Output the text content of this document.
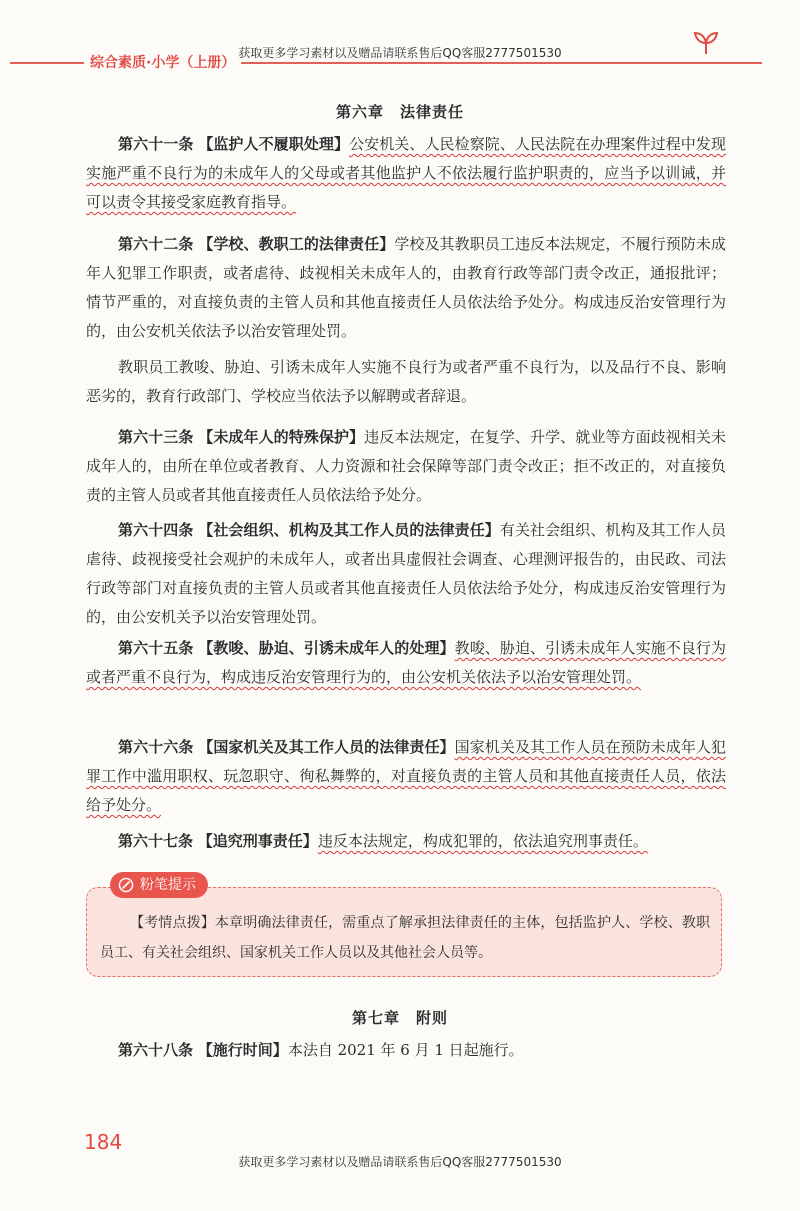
综合素质·小学（上册）
获取更多学习素材以及赠品请联系售后QQ客服2777501530
第六章　法律责任
第六十一条 【监护人不履职处理】公安机关、人民检察院、人民法院在办理案件过程中发现实施严重不良行为的未成年人的父母或者其他监护人不依法履行监护职责的，应当予以训诫，并可以责令其接受家庭教育指导。
第六十二条 【学校、教职工的法律责任】学校及其教职员工违反本法规定，不履行预防未成年人犯罪工作职责，或者虐待、歧视相关未成年人的，由教育行政等部门责令改正，通报批评；情节严重的，对直接负责的主管人员和其他直接责任人员依法给予处分。构成违反治安管理行为的，由公安机关依法予以治安管理处罚。
教职员工教唆、胁迫、引诱未成年人实施不良行为或者严重不良行为，以及品行不良、影响恶劣的，教育行政部门、学校应当依法予以解聘或者辞退。
第六十三条 【未成年人的特殊保护】违反本法规定，在复学、升学、就业等方面歧视相关未成年人的，由所在单位或者教育、人力资源和社会保障等部门责令改正；拒不改正的，对直接负责的主管人员或者其他直接责任人员依法给予处分。
第六十四条 【社会组织、机构及其工作人员的法律责任】有关社会组织、机构及其工作人员虐待、歧视接受社会观护的未成年人，或者出具虚假社会调查、心理测评报告的，由民政、司法行政等部门对直接负责的主管人员或者其他直接责任人员依法给予处分，构成违反治安管理行为的，由公安机关予以治安管理处罚。
第六十五条 【教唆、胁迫、引诱未成年人的处理】教唆、胁迫、引诱未成年人实施不良行为或者严重不良行为，构成违反治安管理行为的，由公安机关依法予以治安管理处罚。
第六十六条 【国家机关及其工作人员的法律责任】国家机关及其工作人员在预防未成年人犯罪工作中滥用职权、玩忽职守、徇私舞弊的，对直接负责的主管人员和其他直接责任人员，依法给予处分。
第六十七条 【追究刑事责任】违反本法规定，构成犯罪的，依法追究刑事责任。
粉笔提示
【考情点拨】本章明确法律责任，需重点了解承担法律责任的主体，包括监护人、学校、教职员工、有关社会组织、国家机关工作人员以及其他社会人员等。
第七章　附则
第六十八条 【施行时间】本法自 2021 年 6 月 1 日起施行。
184
获取更多学习素材以及赠品请联系售后QQ客服2777501530
